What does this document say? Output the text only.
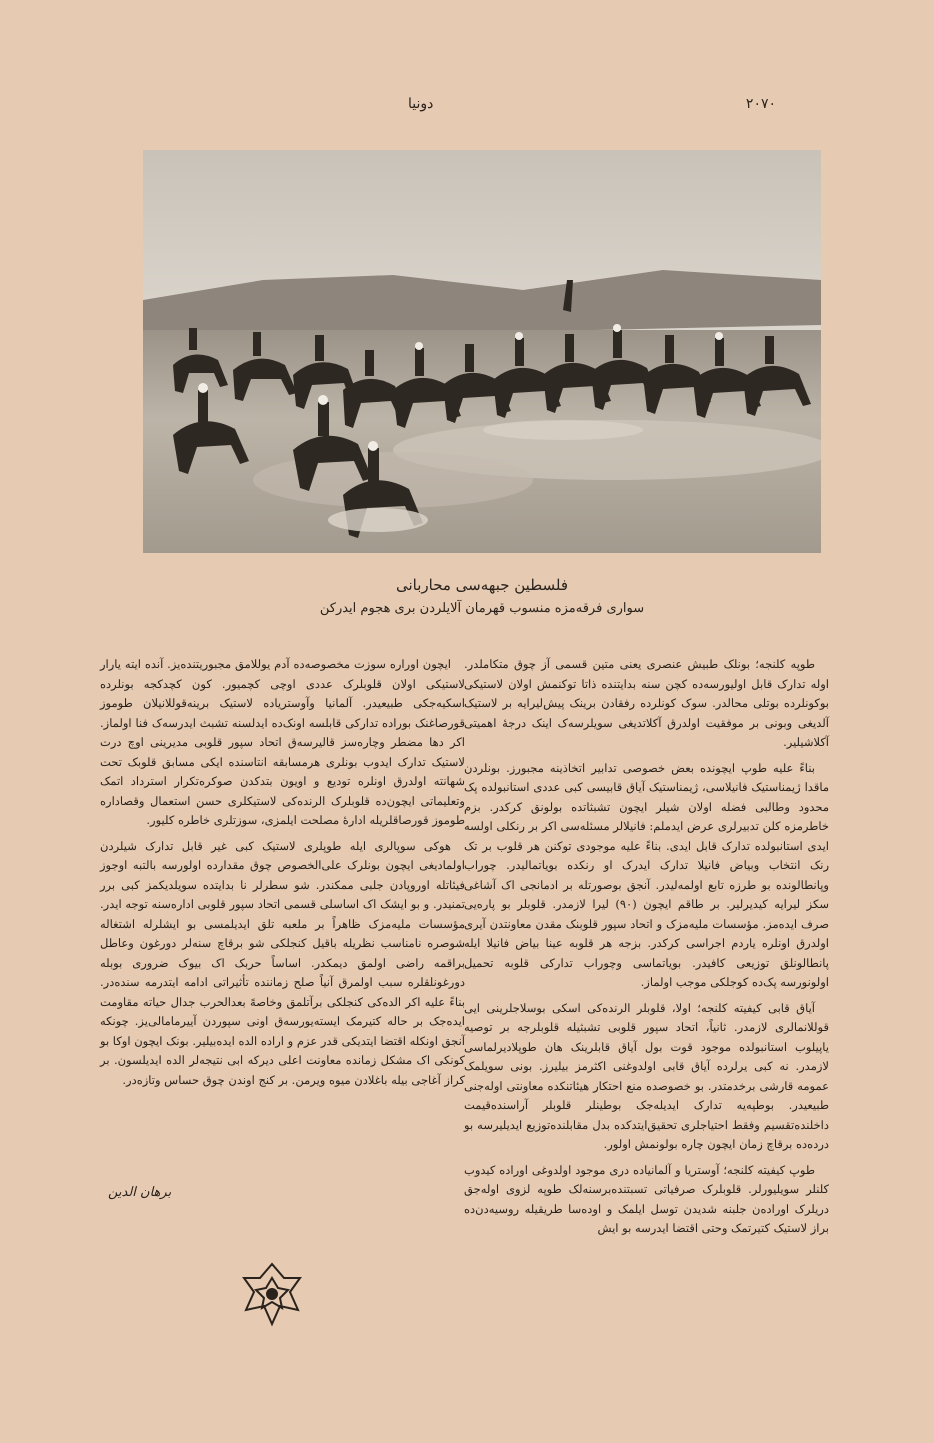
٢٠٧٠
دونیا
فلسطین جبهه‌سی محاربانی
سواری فرقه‌مزه منسوب قهرمان آلایلردن بری هجوم ایدرکن

طوپه کلنجه؛ بونلک طبیش عنصری یعنی متین قسمی آز چوق متکاملدر. اوله تدارک قابل اولیورسه‌ده کچن سنه بدایتنده ذاتا توکنمش اولان لاستیکی بوکونلرده بوتلی محالدر. سوک کونلرده رفقادن برینک پیش‌لیرایه بر لاستیک آلدیغی وبونی بر موفقیت اولدرق آکلاتدیغی سویلرسه‌ک اینک درجهٔ اهمیتی آکلاشیلیر.

بناءً علیه طوپ ایچونده بعض خصوصی تدابیر اتخاذینه مجبورز. بونلردن ماقدا ژیمناستیک فانیلاسی، ژیمناستیک آیاق قابیسی کبی عددی استانبولده پک محدود وطالبی فضله اولان شیلر ایچون تشبثاتده بولونق کرکدر. بزم خاطرمزه کلن تدبیرلری عرض ایدملم: فانیلالر مسئله‌سی اکر بر رنکلی اولسه ایدی استانبولده تدارک قابل ایدی. بناءً علیه موجودی توکنن هر قلوب بر تک رنک انتخاب وبیاض فانیلا تدارک ایدرک او رنکده بویاتمالیدر. چوراب وپانطالونده بو طرزه تابع اولمه‌لیدر. آنجق بوصورتله بر ادمانجی اک آشاغی سکز لیرایه کیدیرلیر. بر طاقم ایچون (۹۰) لیرا لازمدر. قلوبلر بو پاره‌یی صرف ایده‌مز. مؤسسات ملیه‌مزک و اتحاد سپور قلوبنک مقدن معاونتدن آیری اولدرق اونلره یاردم اجراسی کرکدر. بزجه هر قلوبه عینا بیاض فانیلا ایله پانطالونلق توزیعی کافیدر. بویاتماسی وچوراب تدارکی قلوبه تحمیل اولونورسه پک‌ده کوجلکی موجب اولماز.

آیاق قابی کیفیته کلنجه؛ اولا، قلوبلر الرنده‌کی اسکی بوسلاجلرینی ایی قوللانمالری لازمدر. ثانیاً، اتحاد سپور قلوبی تشبثیله قلوبلرجه بر توصیه یاپیلوب استانبولده موجود قوت بول آیاق قابلرینک هان طوپلادیرلماسی لازمدر. نه کبی یرلرده آیاق قابی اولدوغنی اکثرمز بیلیرز. بونی سویلمک عمومه قارشی برخدمتدر. بو خصوصده منع احتکار هیئاتنکده معاونتی اوله‌جنی طبیعیدر. بوطپه‌یه تدارک ایدیله‌جک بوطینلر قلوبلر آراسنده‌قیمت داخلنده‌تقسیم وفقط احتیاجلری تحقیق‌ایتدکده بدل مقابلنده‌توزیع ایدیلیرسه بو درده‌ده برقاچ زمان ایچون چاره بولونمش اولور.

طوپ کیفیته کلنجه؛ آوستریا و آلمانیاده دری موجود اولدوغی اوراده کیدوب کلنلر سویلیورلر. قلوبلرک صرفیاتی تسبتنده‌برسنه‌لک طوپه لزوی اوله‌جق دریلرک اوراده‌ن جلبنه شدیدن توسل ایلمک و اوده‌سا طریقیله روسیه‌دن‌ده براز لاستیک کتیرتمک وحتی اقتضا ایدرسه بو ایش

ایچون اوراره سوزت مخصوصه‌ده آدم یوللامق مجبوریتنده‌یز. آنده ایته یارار لاستیکی اولان قلوبلرک عددی اوچی کچمیور. کون کچدکجه بونلرده اسکیه‌جکی طبیعیدر. آلمانیا وآوستریاده لاستیک برینه‌قوللانیلان طوموز قورصاغنک بوراده تدارکی قابلسه اونک‌ده ایدلسنه تشبث ایدرسه‌ک فنا اولماز. اکر دها مضطر وچاره‌سز قالیرسه‌ق اتحاد سپور قلوبی مدیرینی اوچ درت لاستیک تدارک ایدوب بونلری هرمسابقه انتاسنده ایکی مسابق قلوبک تحت شهانته اولدرق اونلره تودیع و اویون بتدکدن صوکره‌تکرار استرداد اتمک وتعلیماتی ایچون‌ده قلوبلرک الرنده‌کی لاستیکلری حسن استعمال وقصاداره طوموز قورصاقلریله ادارهٔ مصلحت ایلمزی، سوزتلری خاطره کلیور.

هوکی سوپالری ایله طوپلری لاستیک کبی غیر قابل تدارک شیلردن اولمادیغی ایچون بونلرک علی‌الخصوص چوق مقدارده اولورسه بالتبه اوجوز فیئاتله اوروپادن جلبی ممکندر. شو سطرلر نا بدایتده سویلدیکمز کبی برر تمنیدر. و بو ایشک اک اساسلی قسمی اتحاد سپور قلوبی اداره‌سنه توجه ایدر. مؤسسات ملیه‌مزک ظاهراً بر ملعبه تلق ایدیلمسی بو ایشلرله اشتغاله شوصره نامناسب نظریله باقیل کنجلکی شو برقاچ سنه‌لر دورغون وعاطل براقمه راضی اولمق دیمکدر. اساساً حربک اک بیوک ضروری بوبله دورغونلقلره سبب اولمرق آنیاً صلح زماننده تأثیراتی ادامه ایتدرمه سنده‌در. بناءً علیه اکر الده‌کی کنجلکی برآتلمق وخاصهً بعدالحرب جدال حیاته مقاومت ایده‌جک بر حاله کتیرمک ایسته‌یورسه‌ق اونی سپوردن آییرمامالی‌یز. چونکه آنجق اونکله اقتضا ایتدیکی قدر عزم و اراده الده ایده‌بیلیر. بونک ایچون اوکا بو کونکی اک مشکل زمانده معاونت اعلی دیرکه ابی نتیجه‌لر الده ایدیلسون. بر کراز آغاجی بیله باغلادن میوه ویرمن. بر کنج اوندن چوق حساس وتازه‌در.

برهان الدین
